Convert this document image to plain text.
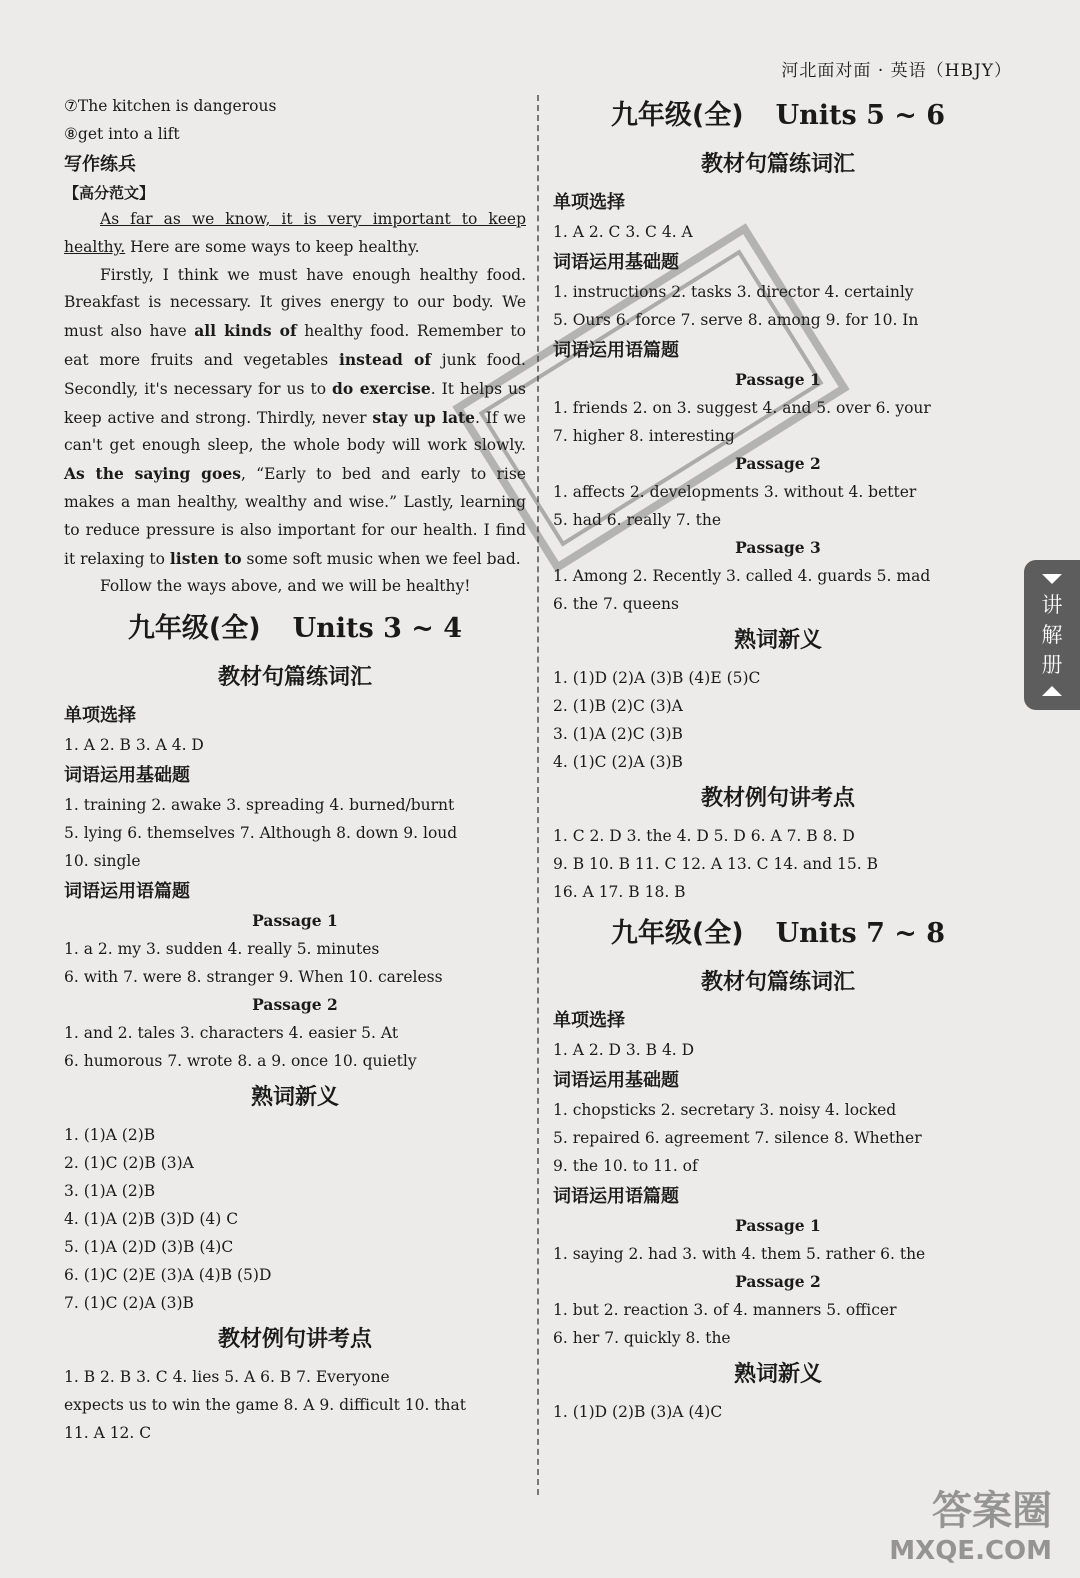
河北面对面 · 英语（HBJY）
⑦The kitchen is dangerous
⑧get into a lift
写作练兵
【高分范文】
As far as we know, it is very important to keep healthy. Here are some ways to keep healthy.
Firstly, I think we must have enough healthy food. Breakfast is necessary. It gives energy to our body. We must also have all kinds of healthy food. Remember to eat more fruits and vegetables instead of junk food. Secondly, it's necessary for us to do exercise. It helps us keep active and strong. Thirdly, never stay up late. If we can't get enough sleep, the whole body will work slowly. As the saying goes, “Early to bed and early to rise makes a man healthy, wealthy and wise.” Lastly, learning to reduce pressure is also important for our health. I find it relaxing to listen to some soft music when we feel bad.
Follow the ways above, and we will be healthy!
九年级(全) Units 3 ~ 4
教材句篇练词汇
单项选择
1. A 2. B 3. A 4. D
词语运用基础题
1. training 2. awake 3. spreading 4. burned/burnt
5. lying 6. themselves 7. Although 8. down 9. loud
10. single
词语运用语篇题
Passage 1
1. a 2. my 3. sudden 4. really 5. minutes
6. with 7. were 8. stranger 9. When 10. careless
Passage 2
1. and 2. tales 3. characters 4. easier 5. At
6. humorous 7. wrote 8. a 9. once 10. quietly
熟词新义
1. (1)A (2)B
2. (1)C (2)B (3)A
3. (1)A (2)B
4. (1)A (2)B (3)D (4) C
5. (1)A (2)D (3)B (4)C
6. (1)C (2)E (3)A (4)B (5)D
7. (1)C (2)A (3)B
教材例句讲考点
1. B 2. B 3. C 4. lies 5. A 6. B 7. Everyone
expects us to win the game 8. A 9. difficult 10. that
11. A 12. C
九年级(全) Units 5 ~ 6
教材句篇练词汇
单项选择
1. A 2. C 3. C 4. A
词语运用基础题
1. instructions 2. tasks 3. director 4. certainly
5. Ours 6. force 7. serve 8. among 9. for 10. In
词语运用语篇题
Passage 1
1. friends 2. on 3. suggest 4. and 5. over 6. your
7. higher 8. interesting
Passage 2
1. affects 2. developments 3. without 4. better
5. had 6. really 7. the
Passage 3
1. Among 2. Recently 3. called 4. guards 5. mad
6. the 7. queens
熟词新义
1. (1)D (2)A (3)B (4)E (5)C
2. (1)B (2)C (3)A
3. (1)A (2)C (3)B
4. (1)C (2)A (3)B
教材例句讲考点
1. C 2. D 3. the 4. D 5. D 6. A 7. B 8. D
9. B 10. B 11. C 12. A 13. C 14. and 15. B
16. A 17. B 18. B
九年级(全) Units 7 ~ 8
教材句篇练词汇
单项选择
1. A 2. D 3. B 4. D
词语运用基础题
1. chopsticks 2. secretary 3. noisy 4. locked
5. repaired 6. agreement 7. silence 8. Whether
9. the 10. to 11. of
词语运用语篇题
Passage 1
1. saying 2. had 3. with 4. them 5. rather 6. the
Passage 2
1. but 2. reaction 3. of 4. manners 5. officer
6. her 7. quickly 8. the
熟词新义
1. (1)D (2)B (3)A (4)C
讲
解
册
答案圈
MXQE.COM
